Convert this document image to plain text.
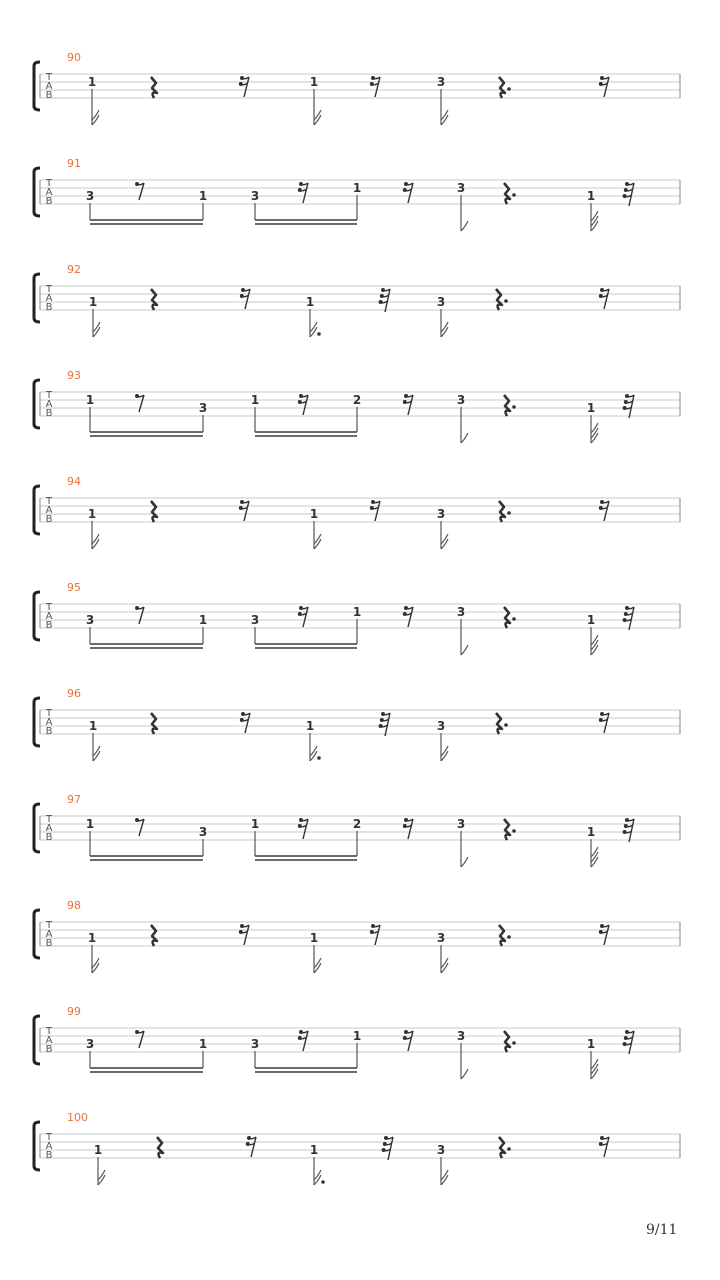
T
A
B
90
1	1	3
T
A
B
91
3	1	3
1	3
1
T
A
B
92
1	1	3
T
A
B
93
1
3
1	2	3
1
T
A
B
94
1	1	3
T
A
B
95
3	1	3
1	3
1
T
A
B
96
1	1	3
T
A
B
97
1
3
1	2	3
1
T
A
B
98
1	1	3
T
A
B
99
3	1	3
1	3
1
T
A
B
100
1	1	3
9/11
